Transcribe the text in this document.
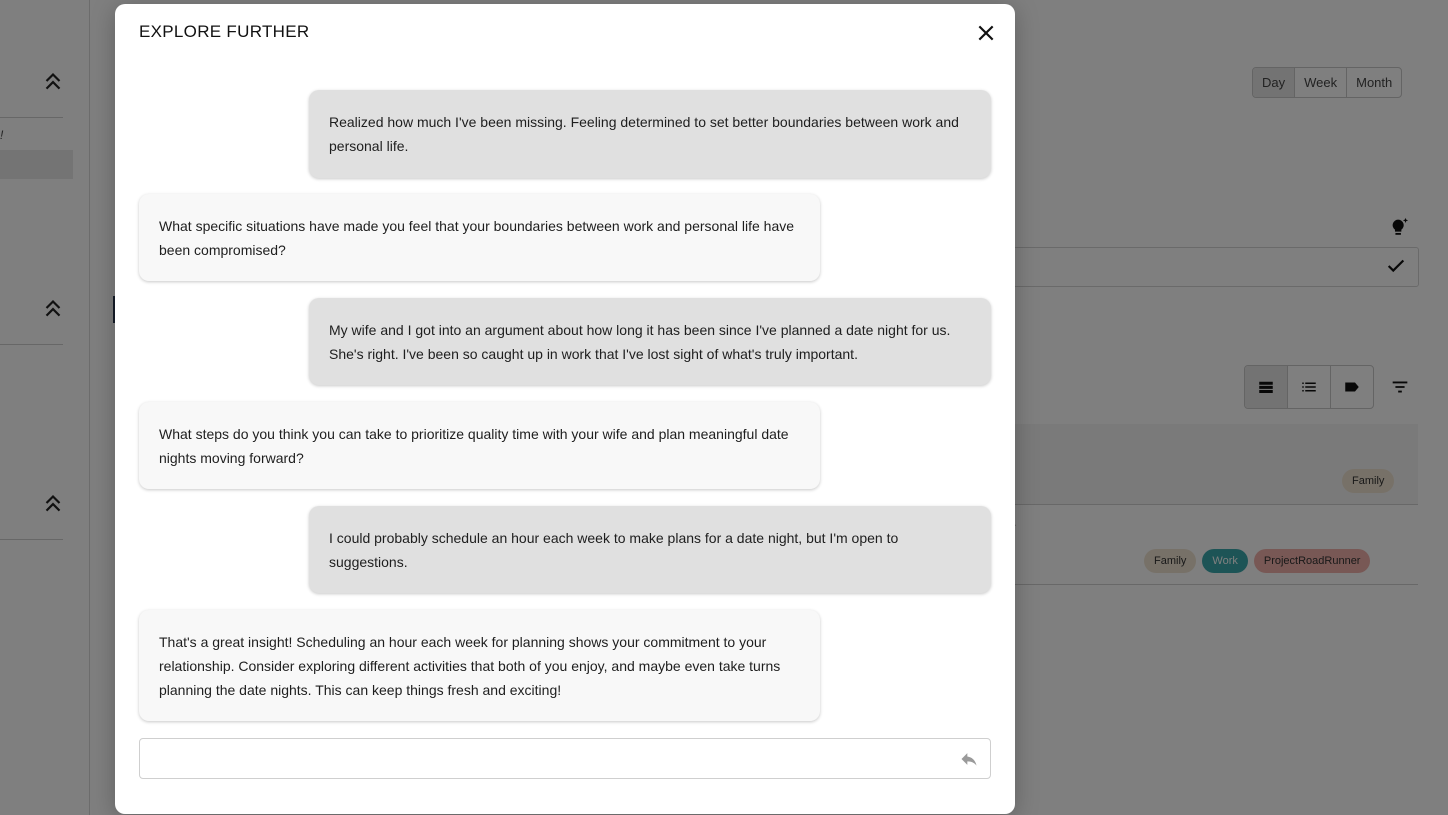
EXPLORE FURTHER
Realized how much I've been missing. Feeling determined to set better boundaries between work and personal life.
What specific situations have made you feel that your boundaries between work and personal life have been compromised?
My wife and I got into an argument about how long it has been since I've planned a date night for us. She's right. I've been so caught up in work that I've lost sight of what's truly important.
What steps do you think you can take to prioritize quality time with your wife and plan meaningful date nights moving forward?
I could probably schedule an hour each week to make plans for a date night, but I'm open to suggestions.
That's a great insight! Scheduling an hour each week for planning shows your commitment to your relationship. Consider exploring different activities that both of you enjoy, and maybe even take turns planning the date nights. This can keep things fresh and exciting!
